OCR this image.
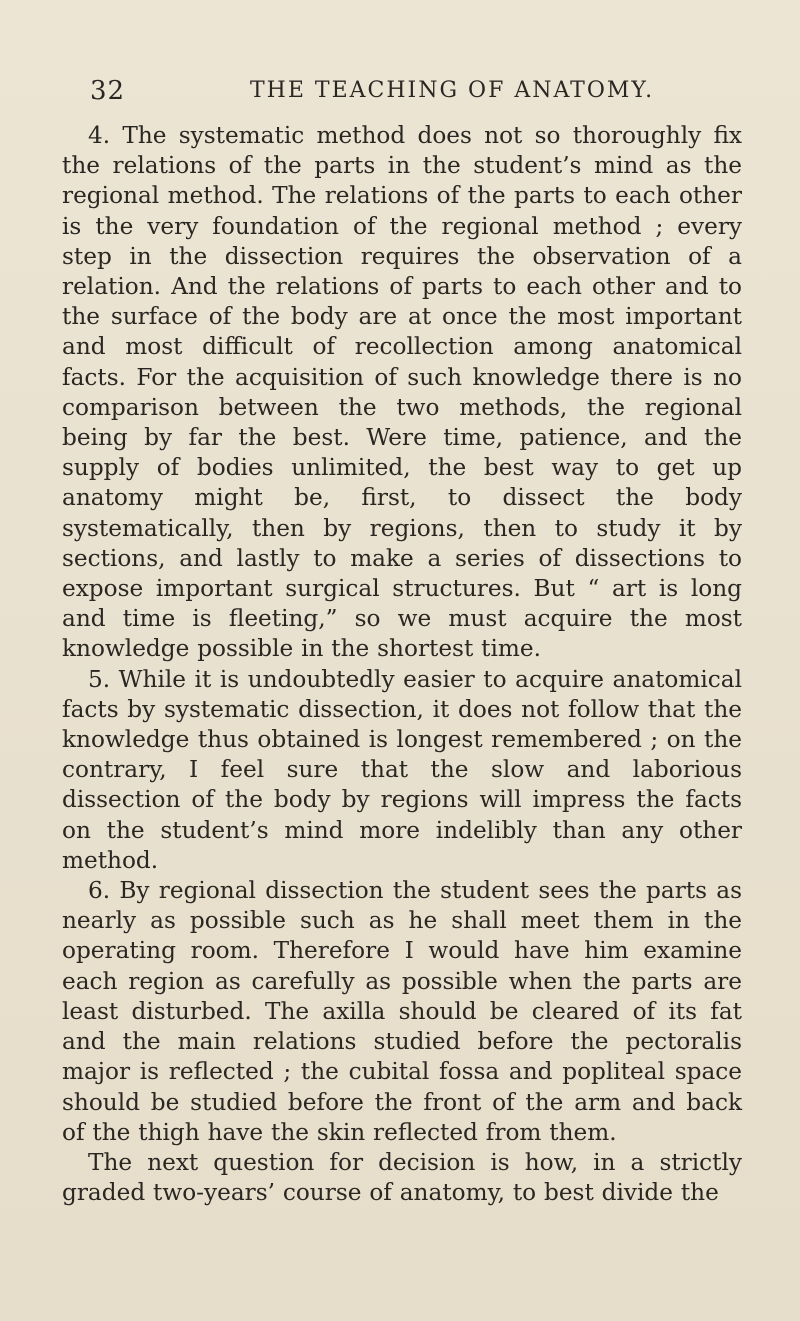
32	THE TEACHING OF ANATOMY.

4. The systematic method does not so thoroughly fix the relations of the parts in the student’s mind as the regional method. The relations of the parts to each other is the very foundation of the regional method ; every step in the dissection requires the observation of a relation. And the relations of parts to each other and to the surface of the body are at once the most important and most difficult of recollection among anatomical facts. For the acquisition of such knowledge there is no comparison between the two methods, the regional being by far the best. Were time, patience, and the supply of bodies unlimited, the best way to get up anatomy might be, first, to dissect the body systematically, then by regions, then to study it by sections, and lastly to make a series of dissections to expose important surgical structures. But “ art is long and time is fleeting,” so we must acquire the most knowledge possible in the shortest time.

5. While it is undoubtedly easier to acquire anatomical facts by systematic dissection, it does not follow that the knowledge thus obtained is longest remembered ; on the contrary, I feel sure that the slow and laborious dissection of the body by regions will impress the facts on the student’s mind more indelibly than any other method.

6. By regional dissection the student sees the parts as nearly as possible such as he shall meet them in the operating room. Therefore I would have him examine each region as carefully as possible when the parts are least disturbed. The axilla should be cleared of its fat and the main relations studied before the pectoralis major is reflected ; the cubital fossa and popliteal space should be studied before the front of the arm and back of the thigh have the skin reflected from them.

The next question for decision is how, in a strictly graded two-years’ course of anatomy, to best divide the
